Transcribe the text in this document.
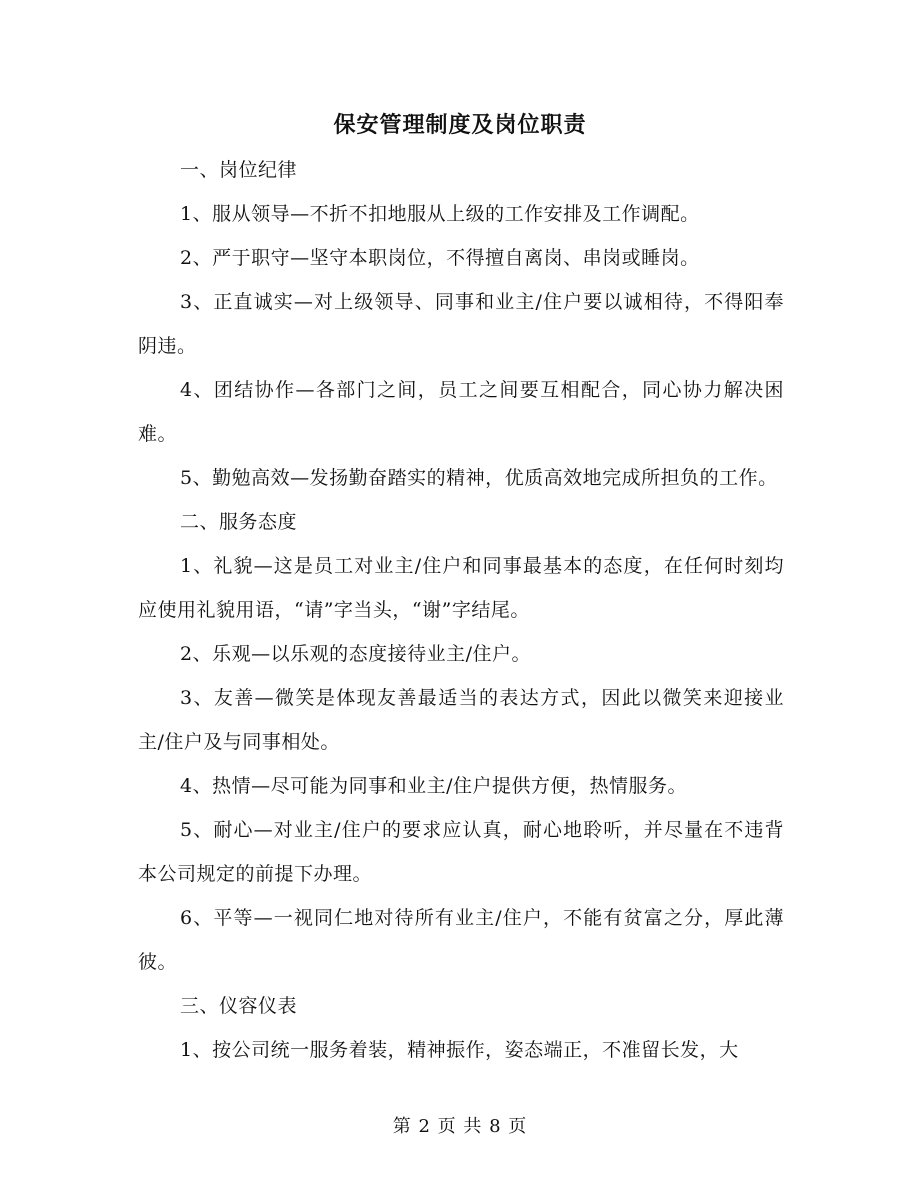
保安管理制度及岗位职责

一、岗位纪律

1、服从领导—不折不扣地服从上级的工作安排及工作调配。

2、严于职守—坚守本职岗位，不得擅自离岗、串岗或睡岗。

3、正直诚实—对上级领导、同事和业主/住户要以诚相待，不得阳奉阴违。

4、团结协作—各部门之间，员工之间要互相配合，同心协力解决困难。

5、勤勉高效—发扬勤奋踏实的精神，优质高效地完成所担负的工作。

二、服务态度

1、礼貌—这是员工对业主/住户和同事最基本的态度，在任何时刻均应使用礼貌用语，“请”字当头，“谢”字结尾。

2、乐观—以乐观的态度接待业主/住户。

3、友善—微笑是体现友善最适当的表达方式，因此以微笑来迎接业主/住户及与同事相处。

4、热情—尽可能为同事和业主/住户提供方便，热情服务。

5、耐心—对业主/住户的要求应认真，耐心地聆听，并尽量在不违背本公司规定的前提下办理。

6、平等—一视同仁地对待所有业主/住户，不能有贫富之分，厚此薄彼。

三、仪容仪表

1、按公司统一服务着装，精神振作，姿态端正，不准留长发，大

第 2 页 共 8 页
